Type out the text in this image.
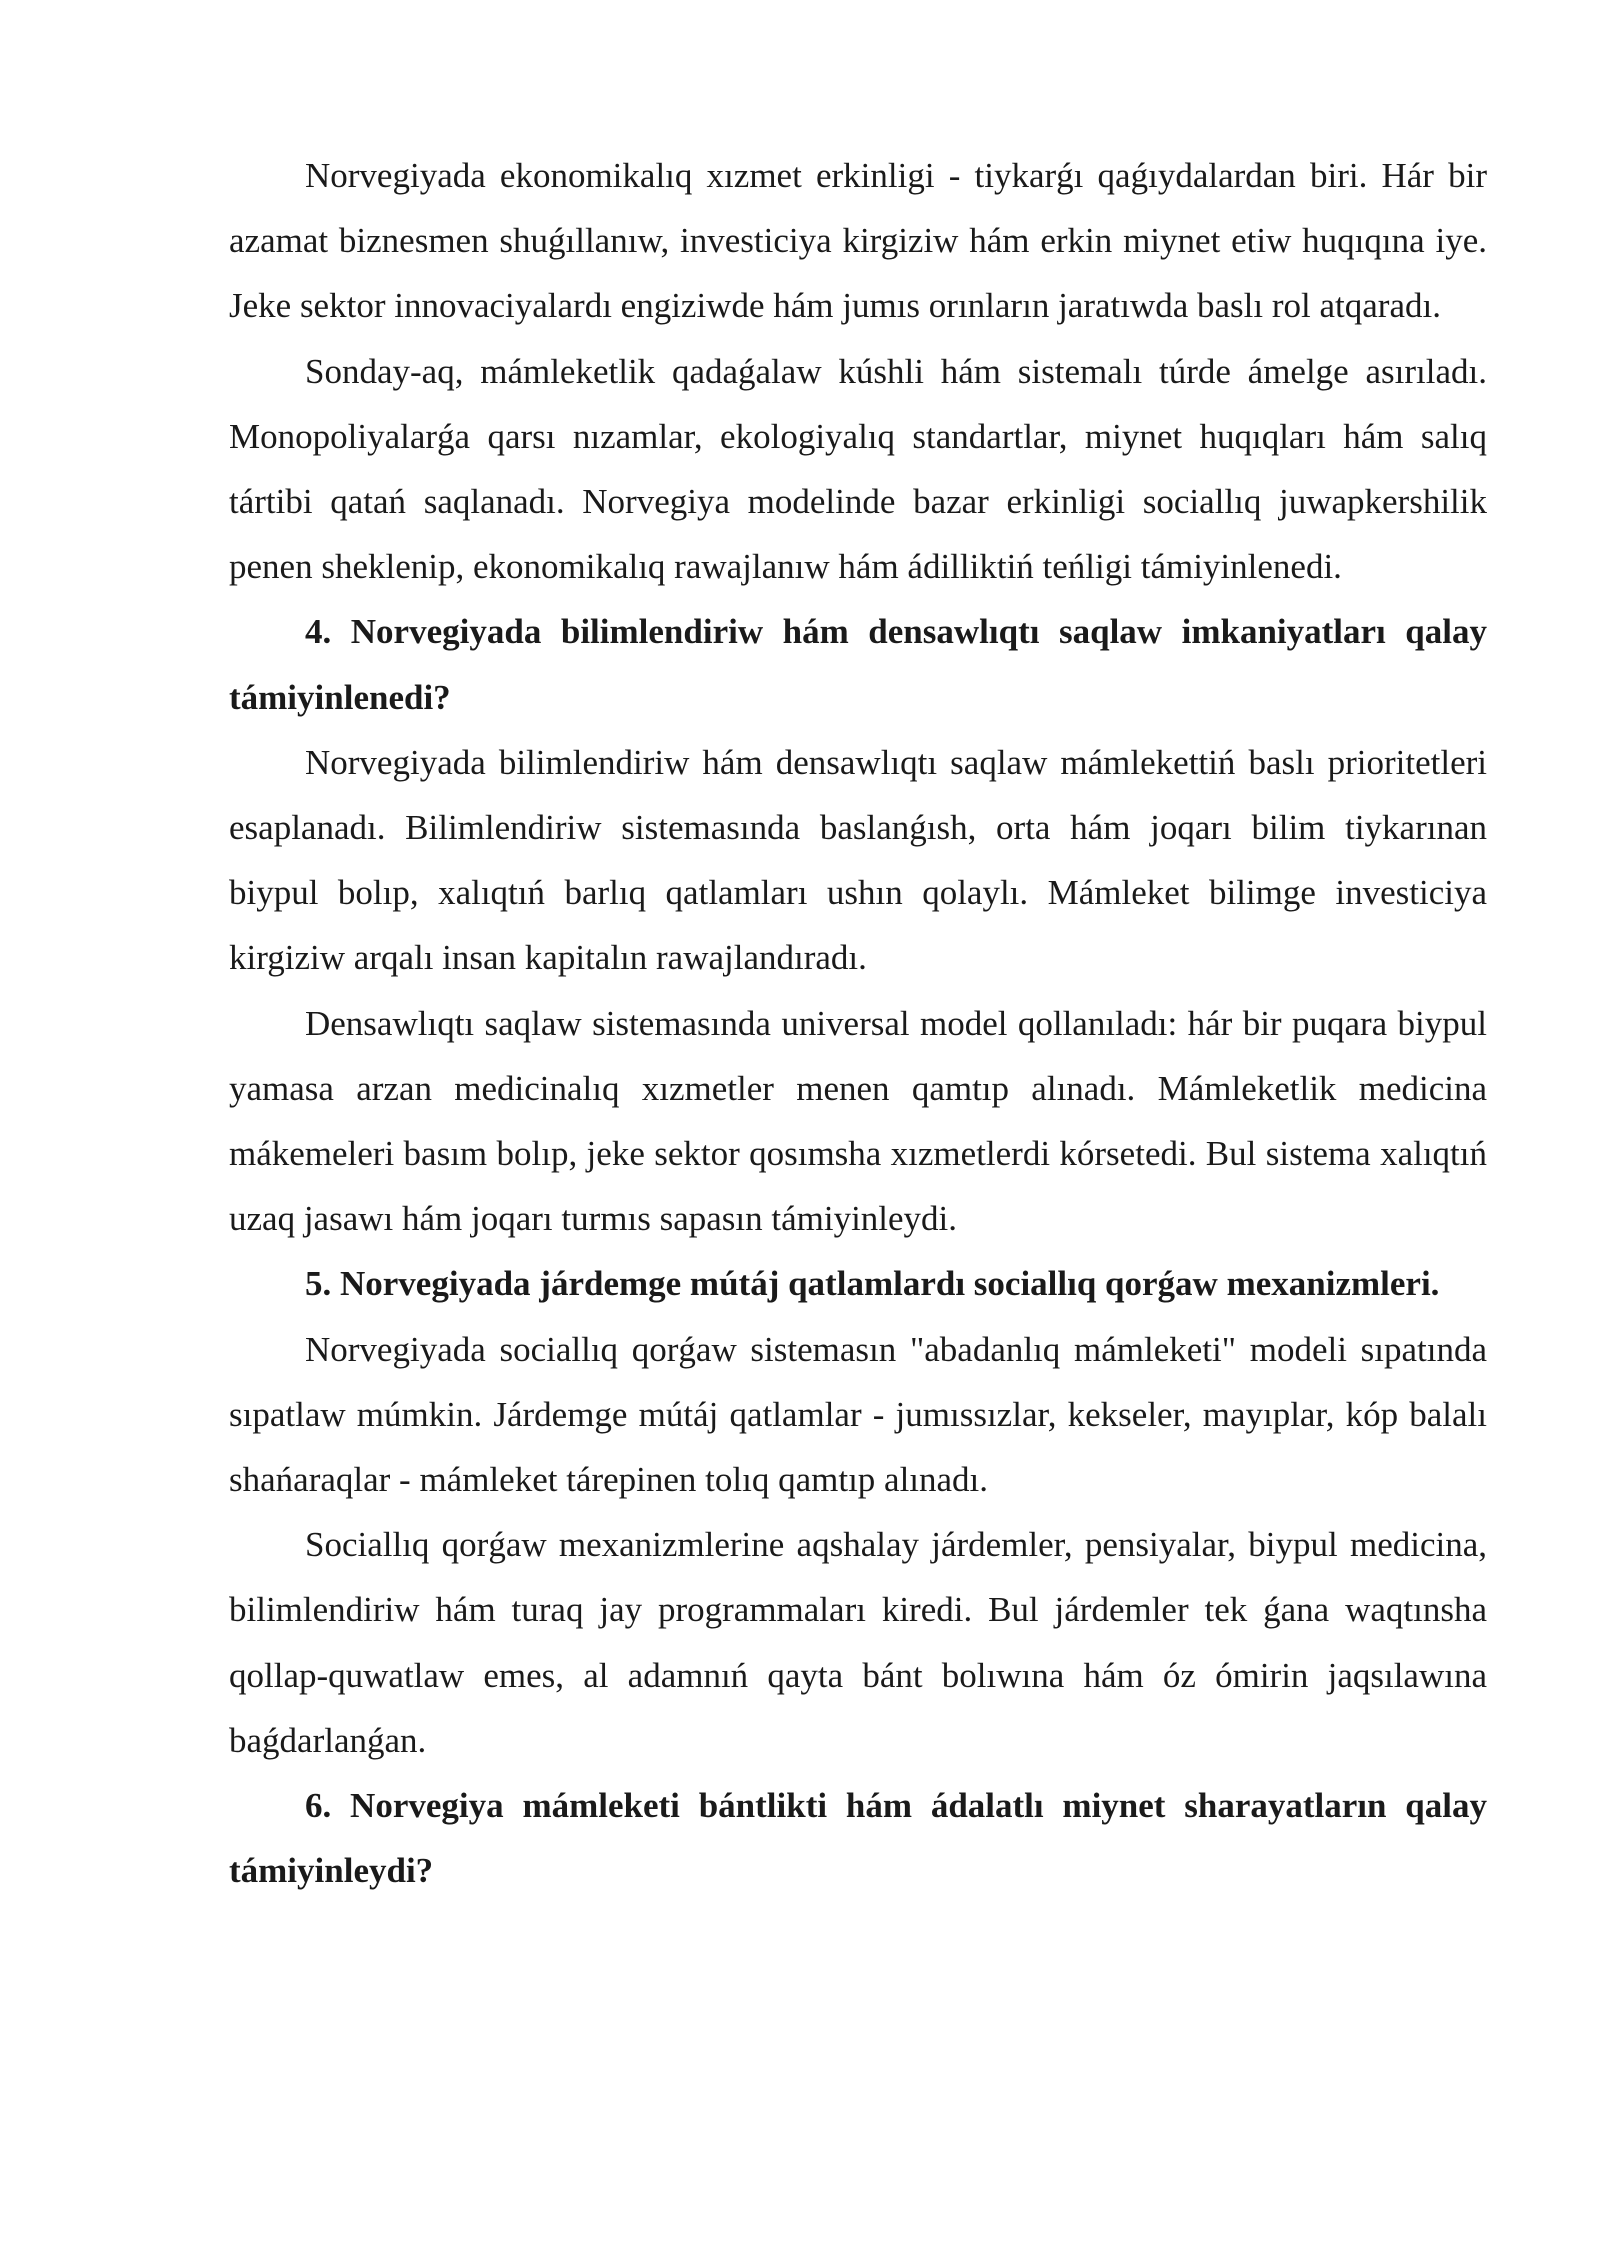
Norvegiyada ekonomikalıq xızmet erkinligi - tiykarǵı qaǵıydalardan biri. Hár bir azamat biznesmen shuǵıllanıw, investiciya kirgiziw hám erkin miynet etiw huqıqına iye. Jeke sektor innovaciyalardı engiziwde hám jumıs orınların jaratıwda baslı rol atqaradı.

Sonday-aq, mámleketlik qadaǵalaw kúshli hám sistemalı túrde ámelge asırıladı. Monopoliyalarǵa qarsı nızamlar, ekologiyalıq standartlar, miynet huqıqları hám salıq tártibi qatań saqlanadı. Norvegiya modelinde bazar erkinligi sociallıq juwapkershilik penen sheklenip, ekonomikalıq rawajlanıw hám ádilliktiń teńligi támiyinlenedi.

4. Norvegiyada bilimlendiriw hám densawlıqtı saqlaw imkaniyatları qalay támiyinlenedi?

Norvegiyada bilimlendiriw hám densawlıqtı saqlaw mámlekettiń baslı prioritetleri esaplanadı. Bilimlendiriw sistemasında baslanǵısh, orta hám joqarı bilim tiykarınan biypul bolıp, xalıqtıń barlıq qatlamları ushın qolaylı. Mámleket bilimge investiciya kirgiziw arqalı insan kapitalın rawajlandıradı.

Densawlıqtı saqlaw sistemasında universal model qollanıladı: hár bir puqara biypul yamasa arzan medicinalıq xızmetler menen qamtıp alınadı. Mámleketlik medicina mákemeleri basım bolıp, jeke sektor qosımsha xızmetlerdi kórsetedi. Bul sistema xalıqtıń uzaq jasawı hám joqarı turmıs sapasın támiyinleydi.

5. Norvegiyada járdemge mútáj qatlamlardı sociallıq qorǵaw mexanizmleri.

Norvegiyada sociallıq qorǵaw sistemasın "abadanlıq mámleketi" modeli sıpatında sıpatlaw múmkin. Járdemge mútáj qatlamlar - jumıssızlar, kekseler, mayıplar, kóp balalı shańaraqlar - mámleket tárepinen tolıq qamtıp alınadı.

Sociallıq qorǵaw mexanizmlerine aqshalay járdemler, pensiyalar, biypul medicina, bilimlendiriw hám turaq jay programmaları kiredi. Bul járdemler tek ǵana waqtınsha qollap-quwatlaw emes, al adamnıń qayta bánt bolıwına hám óz ómirin jaqsılawına baǵdarlanǵan.

6. Norvegiya mámleketi bántlikti hám ádalatlı miynet sharayatların qalay támiyinleydi?
